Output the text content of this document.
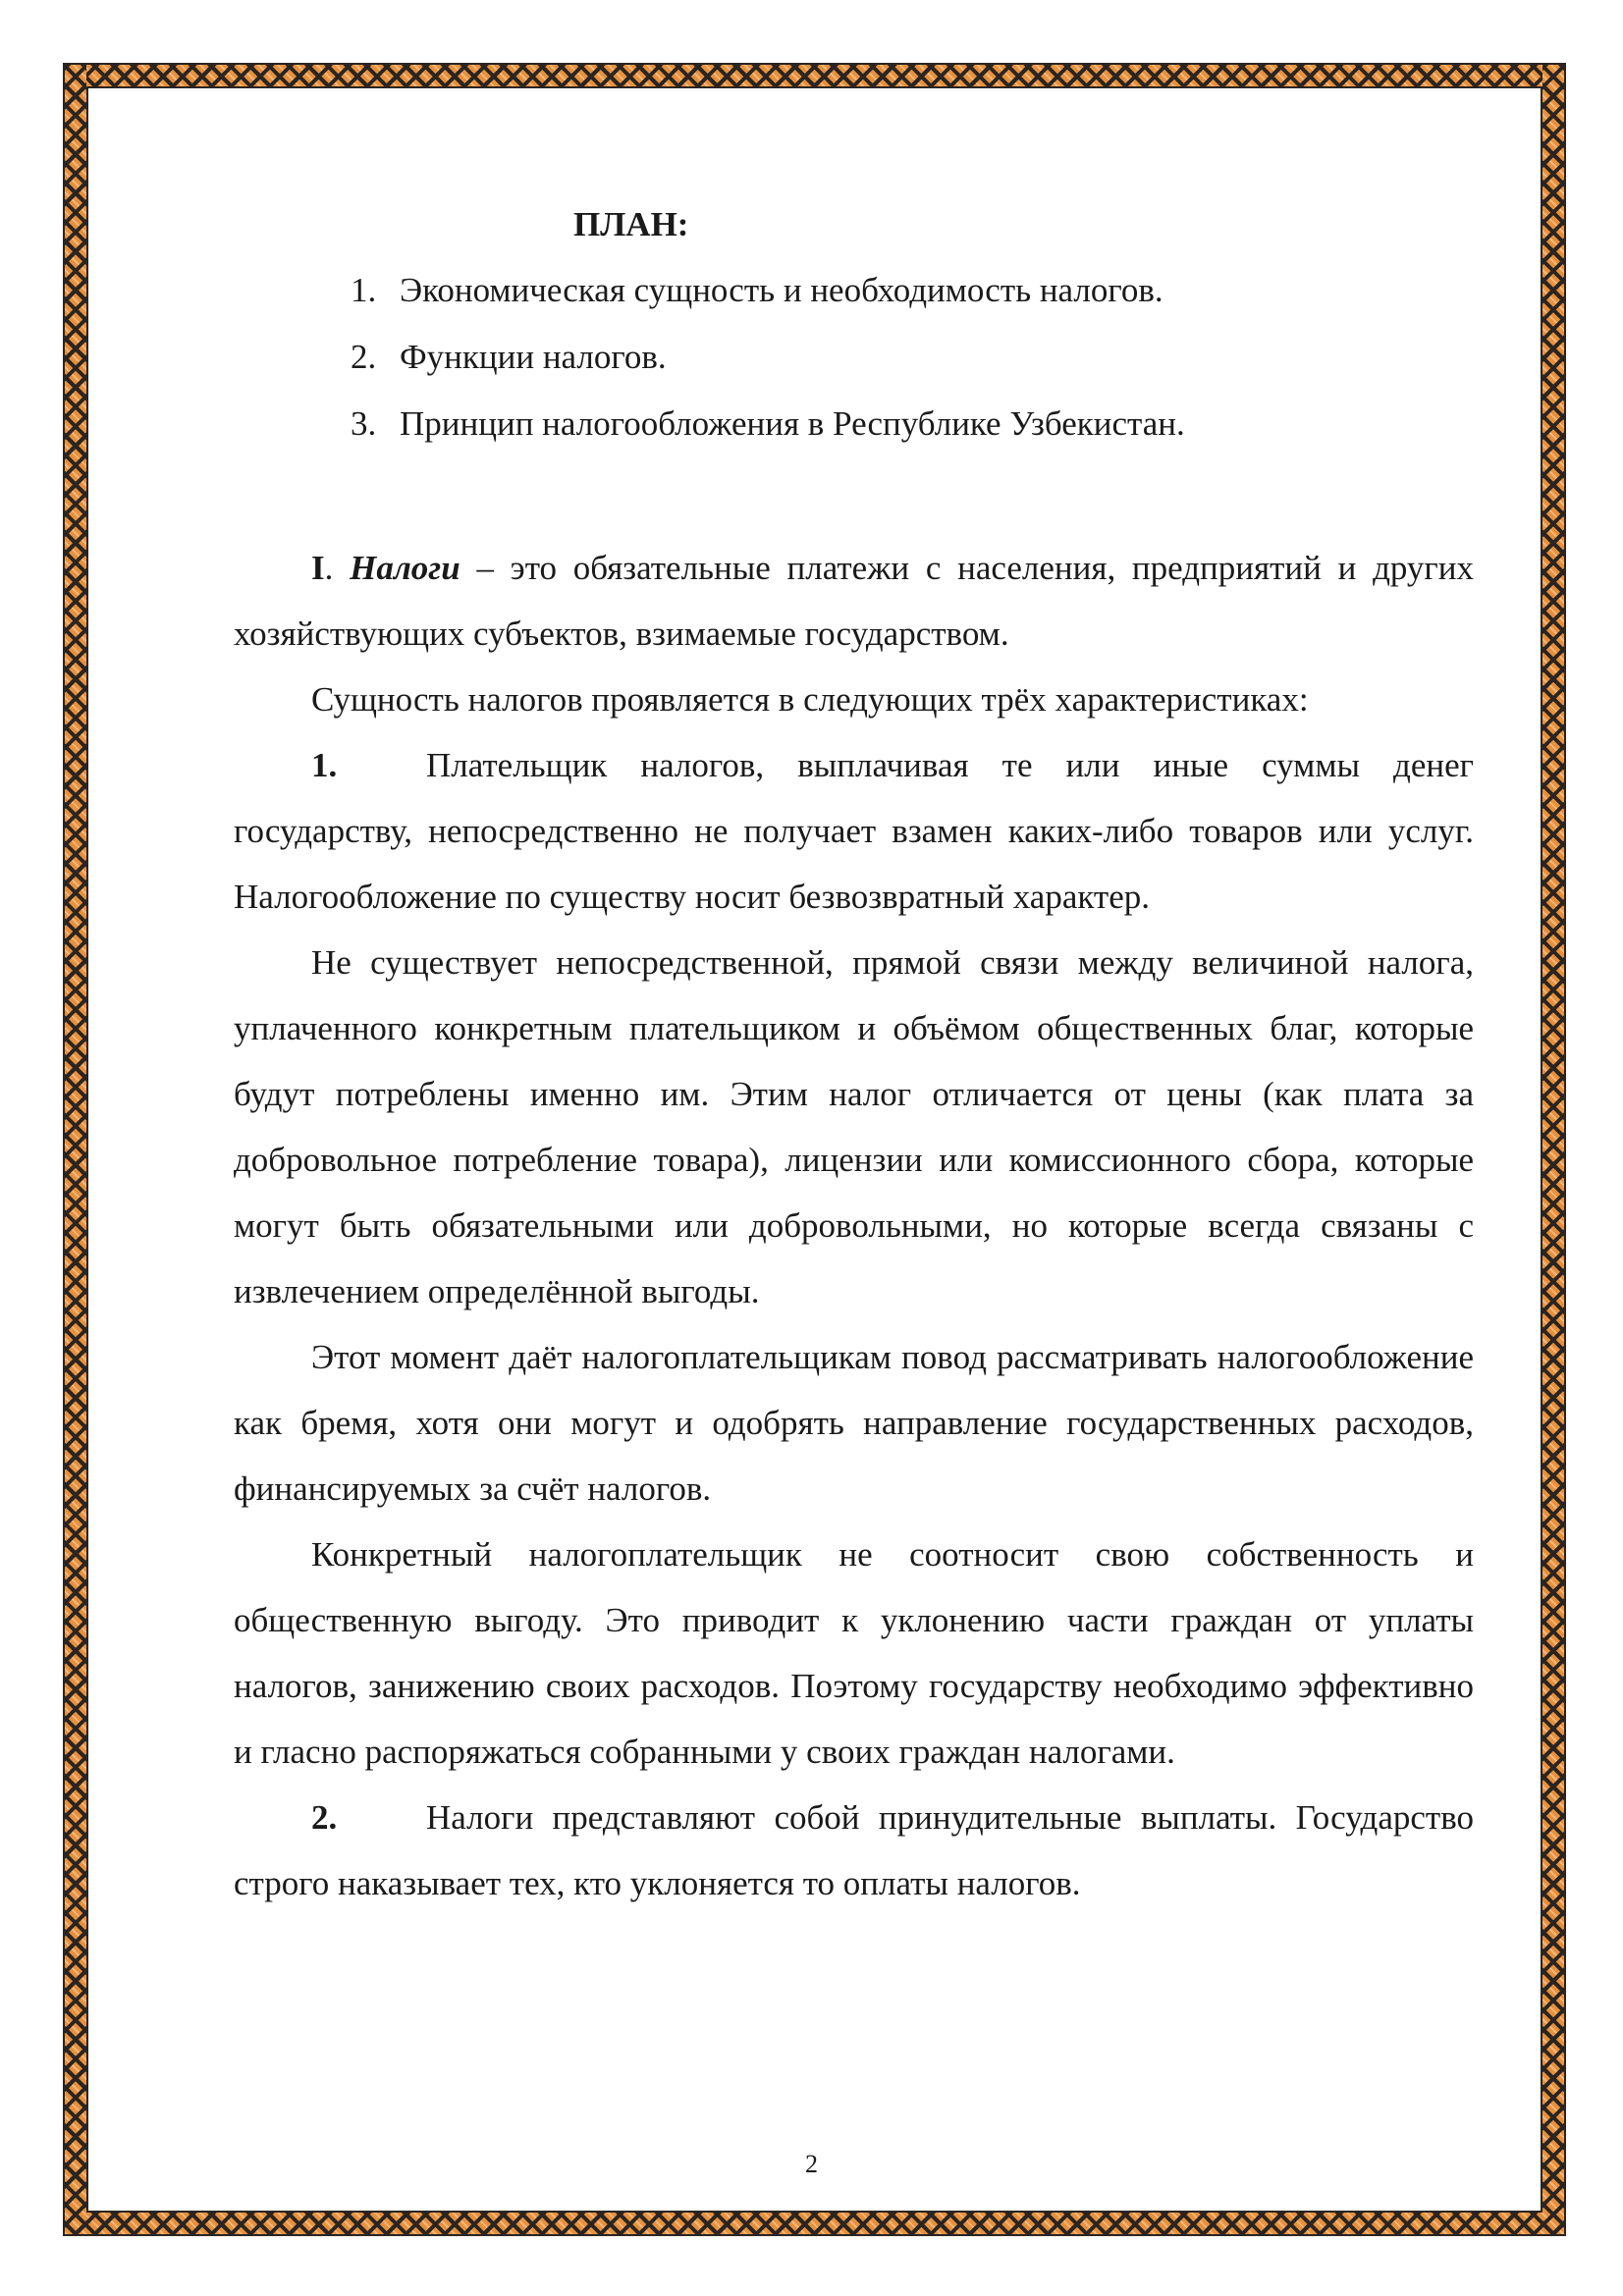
ПЛАН:
1. Экономическая сущность и необходимость налогов.
2. Функции налогов.
3. Принцип налогообложения в Республике Узбекистан.

I. Налоги – это обязательные платежи с населения, предприятий и других хозяйствующих субъектов, взимаемые государством.

Сущность налогов проявляется в следующих трёх характеристиках:

1.	Плательщик налогов, выплачивая те или иные суммы денег государству, непосредственно не получает взамен каких-либо товаров или услуг. Налогообложение по существу носит безвозвратный характер.

Не существует непосредственной, прямой связи между величиной налога, уплаченного конкретным плательщиком и объёмом общественных благ, которые будут потреблены именно им. Этим налог отличается от цены (как плата за добровольное потребление товара), лицензии или комиссионного сбора, которые могут быть обязательными или добровольными, но которые всегда связаны с извлечением определённой выгоды.

Этот момент даёт налогоплательщикам повод рассматривать налогообложение как бремя, хотя они могут и одобрять направление государственных расходов, финансируемых за счёт налогов.

Конкретный налогоплательщик не соотносит свою собственность и общественную выгоду. Это приводит к уклонению части граждан от уплаты налогов, занижению своих расходов. Поэтому государству необходимо эффективно и гласно распоряжаться собранными у своих граждан налогами.

2.	Налоги представляют собой принудительные выплаты. Государство строго наказывает тех, кто уклоняется то оплаты налогов.

2
